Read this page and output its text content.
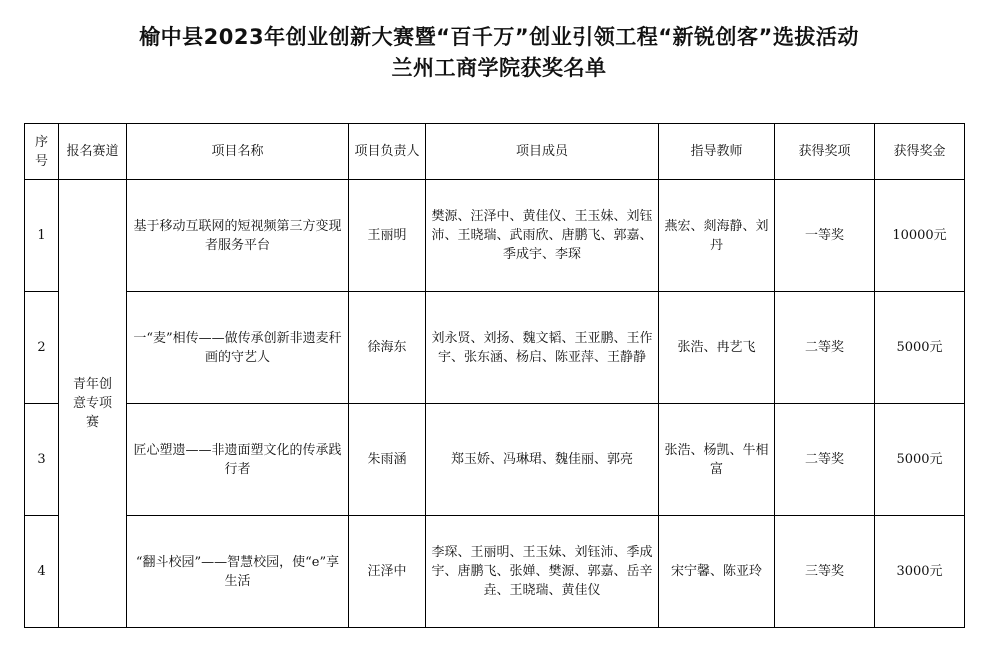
榆中县2023年创业创新大赛暨“百千万”创业引领工程“新锐创客”选拔活动
兰州工商学院获奖名单
序号	报名赛道	项目名称	项目负责人	项目成员	指导教师	获得奖项	获得奖金
1	青年创意专项赛	基于移动互联网的短视频第三方变现者服务平台	王丽明	樊源、汪泽中、黄佳仪、王玉妹、刘钰沛、王晓瑞、武雨欣、唐鹏飞、郭嘉、季成宇、李琛	燕宏、剡海静、刘丹	一等奖	10000元
2		一“麦”相传——做传承创新非遗麦秆画的守艺人	徐海东	刘永贤、刘扬、魏文韬、王亚鹏、王作宇、张东涵、杨启、陈亚萍、王静静	张浩、冉艺飞	二等奖	5000元
3		匠心塑遗——非遗面塑文化的传承践行者	朱雨涵	郑玉娇、冯琳珺、魏佳丽、郭亮	张浩、杨凯、牛相富	二等奖	5000元
4		“翻斗校园”——智慧校园，使“e”享生活	汪泽中	李琛、王丽明、王玉妹、刘钰沛、季成宇、唐鹏飞、张婵、樊源、郭嘉、岳辛垚、王晓瑞、黄佳仪	宋宁馨、陈亚玲	三等奖	3000元
